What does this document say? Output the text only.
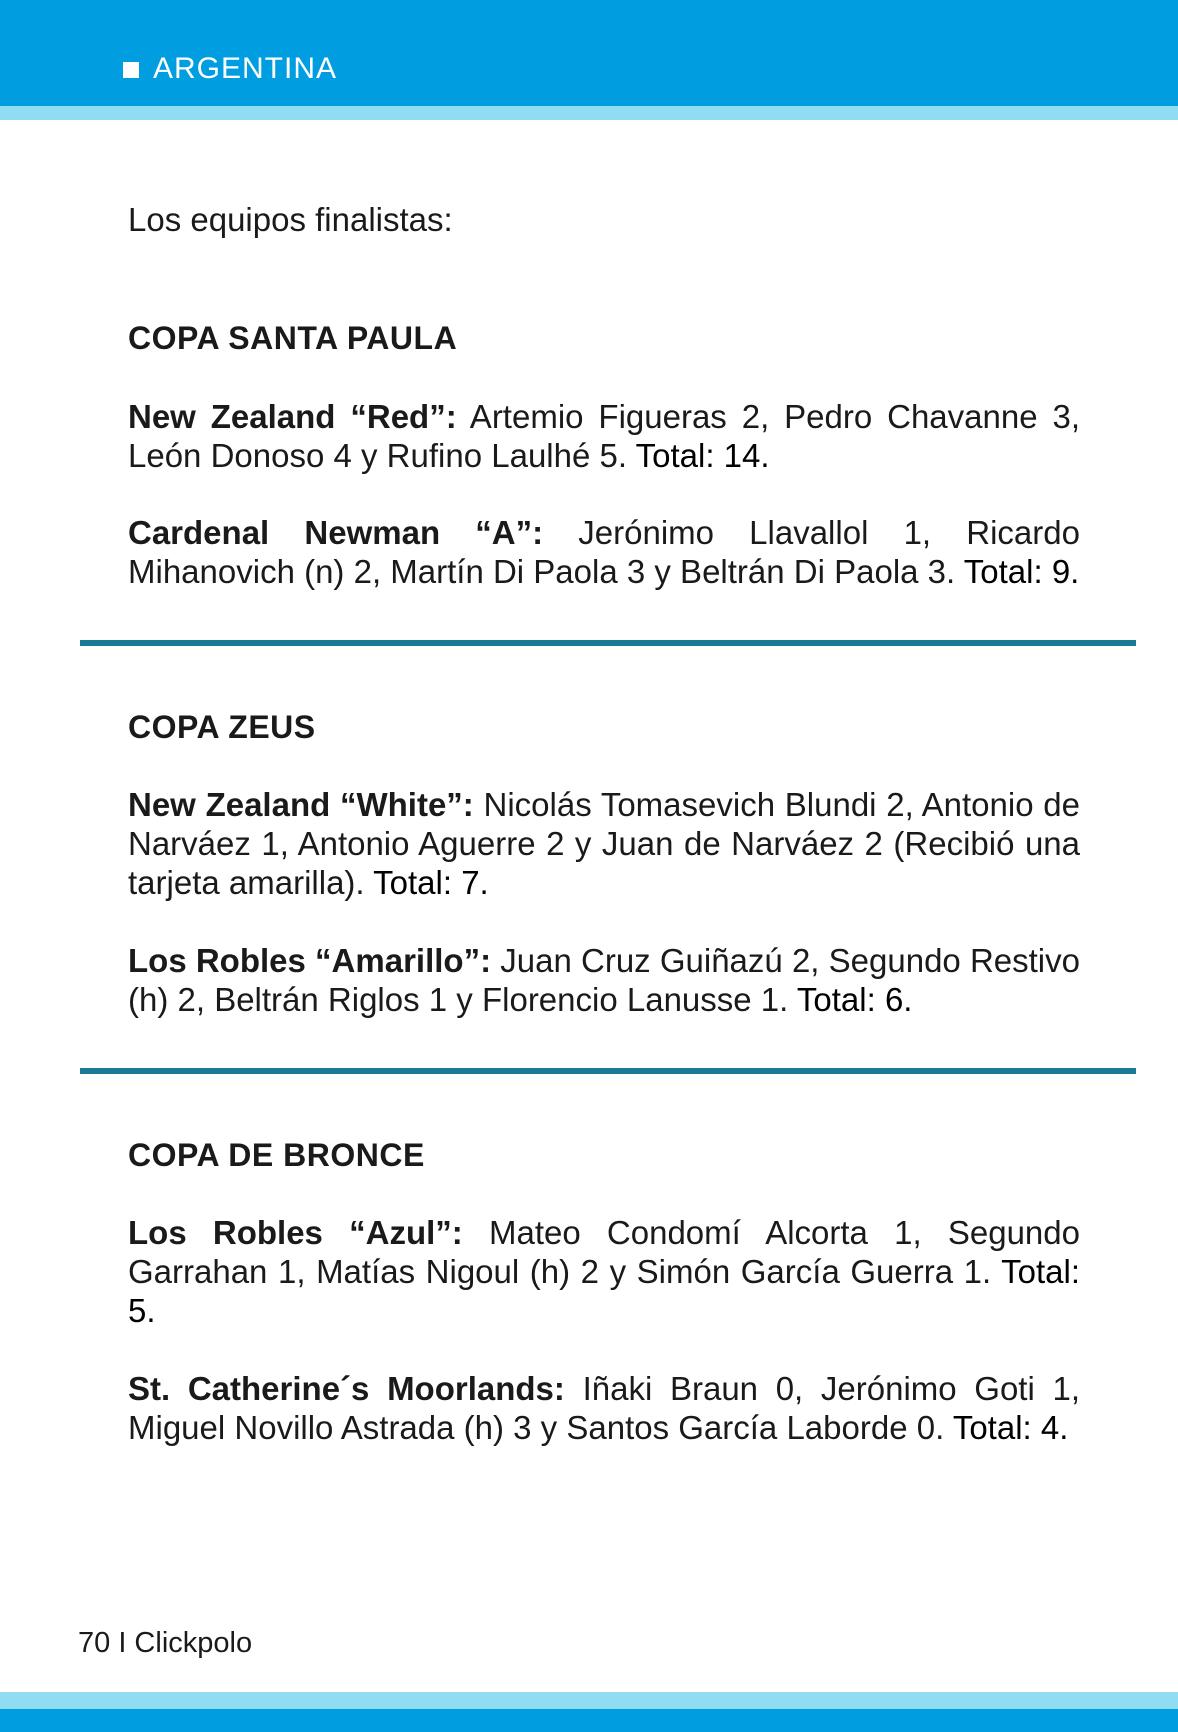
ARGENTINA
Los equipos finalistas:
COPA SANTA PAULA
New Zealand “Red”: Artemio Figueras 2, Pedro Chavanne 3, León Donoso 4 y Rufino Laulhé 5. Total: 14.
Cardenal Newman “A”: Jerónimo Llavallol 1, Ricardo Mihanovich (n) 2, Martín Di Paola 3 y Beltrán Di Paola 3. Total: 9.
COPA ZEUS
New Zealand “White”: Nicolás Tomasevich Blundi 2, Antonio de Narváez 1, Antonio Aguerre 2 y Juan de Narváez 2 (Recibió una tarjeta amarilla). Total: 7.
Los Robles “Amarillo”: Juan Cruz Guiñazú 2, Segundo Restivo (h) 2, Beltrán Riglos 1 y Florencio Lanusse 1. Total: 6.
COPA DE BRONCE
Los Robles “Azul”: Mateo Condomí Alcorta 1, Segundo Garrahan 1, Matías Nigoul (h) 2 y Simón García Guerra 1. Total: 5.
St. Catherine´s Moorlands: Iñaki Braun 0, Jerónimo Goti 1, Miguel Novillo Astrada (h) 3 y Santos García Laborde 0. Total: 4.
70 I Clickpolo
